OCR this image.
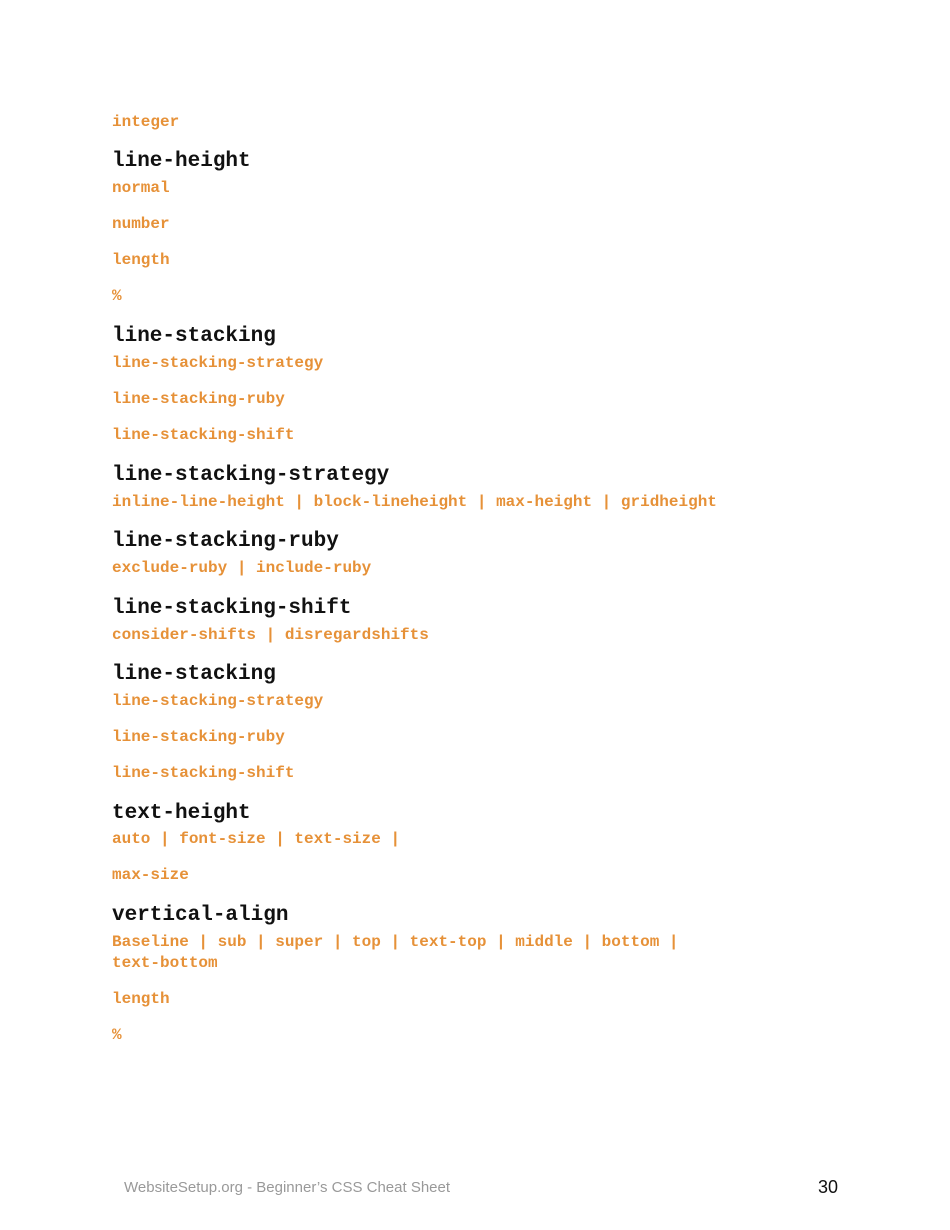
integer
line-height
normal
number
length
%
line-stacking
line-stacking-strategy
line-stacking-ruby
line-stacking-shift
line-stacking-strategy
inline-line-height | block-lineheight | max-height | gridheight
line-stacking-ruby
exclude-ruby | include-ruby
line-stacking-shift
consider-shifts | disregardshifts
line-stacking
line-stacking-strategy
line-stacking-ruby
line-stacking-shift
text-height
auto | font-size | text-size |
max-size
vertical-align
Baseline | sub | super | top | text-top | middle | bottom |
text-bottom
length
%
WebsiteSetup.org - Beginner’s CSS Cheat Sheet	30
